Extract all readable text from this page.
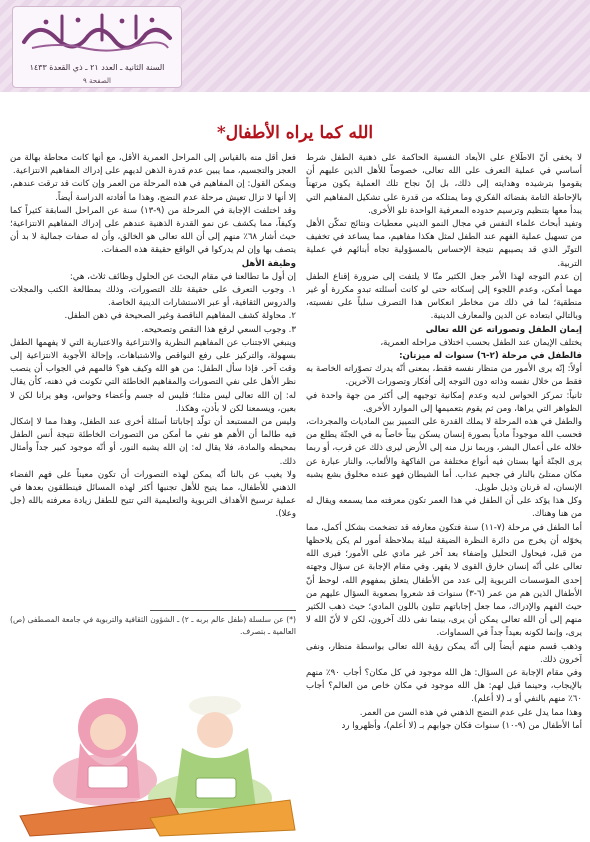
السنة الثانية ـ العدد ٢١ ـ ذي القعدة ١٤٣٣
الصفحة ٩
الله كما يراه الأطفال*

لا يخفى أنّ الاطّلاع على الأبعاد النفسية الحاكمة على ذهنية الطفل شرط أساسي في عملية التعرف على الله تعالى، خصوصاً للأهل الذين عليهم أن يقوموا بترشيده وهدايته إلى ذلك، بل إنّ نجاح تلك العملية يكون مرتهناً بالإحاطة التامة بفضائه الفكري وما يمتلكه من قدرة على تشكيل المفاهيم التي يبدأ معها بتنظيم وترسيم حدوده المعرفية الواحدة تلو الأخرى.

وتفيد أبحاث علماء النفس في مجال النمو الديني معطيات ونتائج تمكّن الأهل من تسهيل عملية الفهم عند الطفل لمثل هكذا مفاهيم، مما يساعد في تخفيف التوتّر الذي قد يصيبهم نتيجة الإحساس بالمسؤولية تجاه أبنائهم في عملية التربية.

إن عدم التوجه لهذا الأمر جعل الكثير منّا لا يلتفت إلى ضرورة إقناع الطفل مهما أمكن، وعدم اللجوء إلى إسكاته حتى لو كانت أسئلته تبدو مكررة أو غير منطقية؛ لما في ذلك من مخاطر انعكاس هذا التصرف سلباً على نفسيته، وبالتالي ابتعاده عن الدين والمعارف الدينية.

إيمان الطفل وتصوراته عن الله تعالى

يختلف الإيمان عند الطفل بحسب اختلاف مراحله العمرية،

فالطفل في مرحلة (٢-٦) سنوات له ميزتان:

أولاً: إنّه يرى الأمور من منظار نفسه فقط، بمعنى أنّه يدرك تصوّراته الخاصة به فقط من خلال نفسه وذاته دون التوجه إلى أفكار وتصورات الآخرين.

ثانياً: تمركز الحواس لديه وعدم إمكانية توجيهه إلى أكثر من جهة واحدة في الظواهر التي يراها، ومن ثم يقوم بتعميمها إلى الموارد الأخرى.

والطفل في هذه المرحلة لا يملك القدرة على التمييز بين الماديات والمجردات، فحسب الله موجوداً مادياً بصورة إنسان يسكن بيتاً خاصاً به في الجنّة يطلع من خلاله على أعمال البشر، وربما نزل منه إلى الأرض ليرى ذلك عن قرب، أو ربما يرى الجنّة أنها بستان فيه أنواع مختلفة من الفاكهة والألعاب، والنار عبارة عن مكان ممتلئ بالنار في جحيم عذاب. أما الشيطان فهو عنده مخلوق بشع يشبه الإنسان، له قرنان وذيل طويل.

وكل هذا يؤكد على أن الطفل في هذا العمر تكون معرفته مما يسمعه ويقال له من هنا وهناك.

أما الطفل في مرحلة (٧-١١) سنة فتكون معارفه قد تضخمت بشكل أكمل، مما يخوّله أن يخرج من دائرة النظرة الضيقة لبيئة بملاحظة أمور لم يكن يلاحظها من قبل، فيحاول التحليل وإضفاء بعد آخر غير مادي على الأمور؛ فيرى الله تعالى على أنّه إنسان خارق القوى لا يقهر. وفي مقام الإجابة عن سؤال وجهته إحدى المؤسسات التربوية إلى عدد من الأطفال يتعلق بمفهوم الله، لوحظ أنّ الأطفال الذين هم من عمر (٦-٣) سنوات قد شعروا بصعوبة السؤال عليهم من حيث الفهم والإدراك، مما جعل إجاباتهم تتلون باللون المادي؛ حيث ذهب الكثير منهم إلى أن الله تعالى يمكن أن يرى، بينما نفى ذلك آخرون، لكن لا لأنّ الله لا يرى، وإنما لكونه بعيداً جداً في السماوات.

وذهب قسم منهم أيضاً إلى أنّه يمكن رؤية الله تعالى بواسطة منظار، ونفى آخرون ذلك.

وفي مقام الإجابة عن السؤال: هل الله موجود في كل مكان؟ أجاب ٩٠٪ منهم بالإيجاب، وحينما قيل لهم: هل الله موجود في مكان خاص من العالم؟ أجاب ٦٠٪ منهم بالنفي أو بـ (لا أعلم).

وهذا مما يدل على عدم النضج الذهني في هذه السن من العمر.

أما الأطفال من (٩-١٠) سنوات فكان جوابهم بـ (لا أعلم)، وأظهروا رد

فعل أقل منه بالقياس إلى المراحل العمرية الأقل، مع أنها كانت محاطة بهالة من العجز والتجسيم، مما يبين عدم قدرة الذهن لديهم على إدراك المفاهيم الانتزاعية.

ويمكن القول: إن المفاهيم في هذه المرحلة من العمر وإن كانت قد ترقت عندهم، إلا أنها لا تزال تعيش مرحلة عدم النضج، وهذا ما أفادته الدراسة أيضاً.

وقد اختلفت الإجابة في المرحلة من (٩-١٣) سنة عن المراحل السابقة كثيراً كما وكيفاً، مما يكشف عن نمو القدرة الذهنية عندهم على إدراك المفاهيم الانتزاعية؛ حيث أشار ٦٨٪ منهم إلى أن الله تعالى هو الخالق، وأن له صفات جمالية لا بد أن يتصف بها وإن لم يدركوا في الواقع حقيقة هذه الصفات.

وظيفة الأهل

إن أول ما تطالعنا في مقام البحث عن الحلول وظائف ثلاث، هي:

١. وجوب التعرف على حقيقة تلك التصورات، وذلك بمطالعة الكتب والمجلات والدروس الثقافية، أو عبر الاستشارات الدينية الخاصة.

٢. محاولة كشف المفاهيم الناقصة وغير الصحيحة في ذهن الطفل.

٣. وجوب السعي لرفع هذا النقص وتصحيحه.

وينبغي الاجتناب عن المفاهيم النظرية والانتزاعية والاعتبارية التي لا يفهمها الطفل بسهولة، والتركيز على رفع النواقص والاشتباهات، وإحالة الأجوبة الانتزاعية إلى وقت آخر. فإذا سأل الطفل: من هو الله وكيف هو؟ فالمهم في الجواب أن ينصب نظر الأهل على نفي التصورات والمفاهيم الخاطئة التي تكونت في ذهنه، كأن يقال له: إن الله تعالى ليس مثلنا؛ فليس له جسم وأعضاء وحواس، وهو يرانا لكن لا بعين، ويسمعنا لكن لا بأذن، وهكذا.

وليس من المستبعد أن تولّد إجاباتنا أسئلة أخرى عند الطفل، وهذا مما لا إشكال فيه طالما أن الأهم هو نفي ما أمكن من التصورات الخاطئة نتيجة أنس الطفل بمحيطه والمادة، فلا يقال له: إن الله يشبه النور، أو أنّه موجود كبير جداً وأمثال ذلك.

ولا يغيب عن بالنا أنّه يمكن لهذه التصورات أن تكون معيناً على فهم الفضاء الذهني للأطفال، مما يتيح للأهل تجنبها أكثر لهذه المسائل فينطلقون بعدها في عملية ترسيخ الأهداف التربوية والتعليمية التي تتيح للطفل زيادة معرفته بالله (جل وعلا).

(*) عن سلسلة (طفل عالم بربه ـ ٢) ـ الشؤون الثقافية والتربوية في جامعة المصطفى (ص) العالمية ـ بتصرف.
